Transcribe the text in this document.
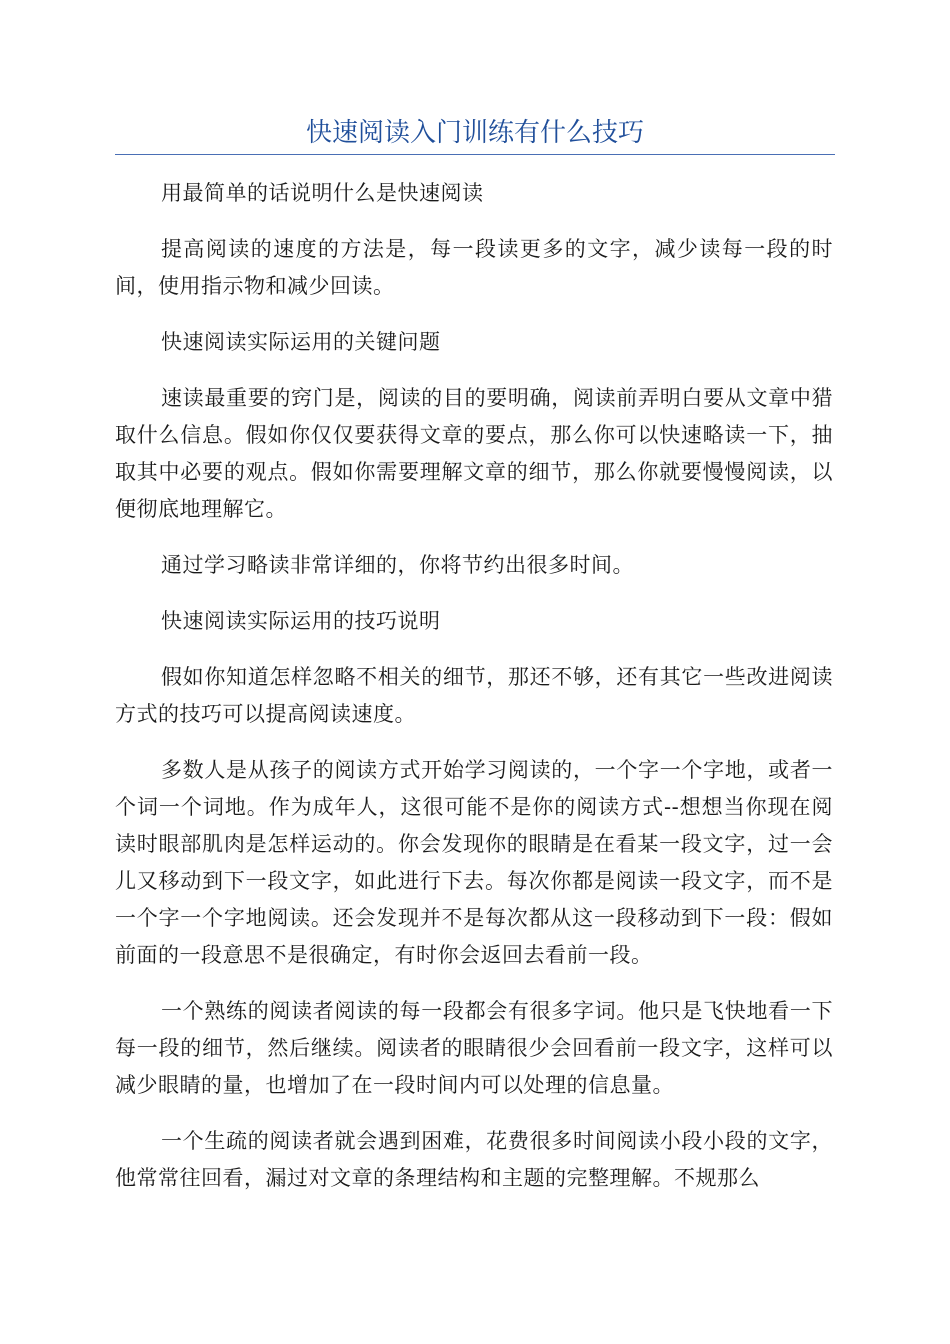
快速阅读入门训练有什么技巧

用最简单的话说明什么是快速阅读

提高阅读的速度的方法是，每一段读更多的文字，减少读每一段的时间，使用指示物和减少回读。

快速阅读实际运用的关键问题

速读最重要的窍门是，阅读的目的要明确，阅读前弄明白要从文章中猎取什么信息。假如你仅仅要获得文章的要点，那么你可以快速略读一下，抽取其中必要的观点。假如你需要理解文章的细节，那么你就要慢慢阅读，以便彻底地理解它。

通过学习略读非常详细的，你将节约出很多时间。

快速阅读实际运用的技巧说明

假如你知道怎样忽略不相关的细节，那还不够，还有其它一些改进阅读方式的技巧可以提高阅读速度。

多数人是从孩子的阅读方式开始学习阅读的，一个字一个字地，或者一个词一个词地。作为成年人，这很可能不是你的阅读方式--想想当你现在阅读时眼部肌肉是怎样运动的。你会发现你的眼睛是在看某一段文字，过一会儿又移动到下一段文字，如此进行下去。每次你都是阅读一段文字，而不是一个字一个字地阅读。还会发现并不是每次都从这一段移动到下一段：假如前面的一段意思不是很确定，有时你会返回去看前一段。

一个熟练的阅读者阅读的每一段都会有很多字词。他只是飞快地看一下每一段的细节，然后继续。阅读者的眼睛很少会回看前一段文字，这样可以减少眼睛的量，也增加了在一段时间内可以处理的信息量。

一个生疏的阅读者就会遇到困难，花费很多时间阅读小段小段的文字，他常常往回看，漏过对文章的条理结构和主题的完整理解。不规那么
